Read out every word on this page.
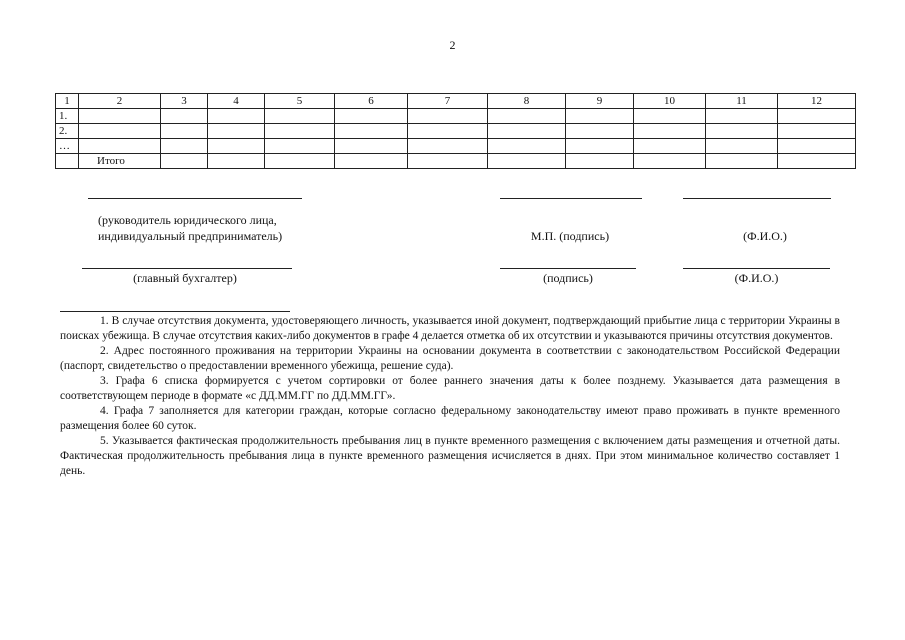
2
1	2	3	4	5	6	7	8	9	10	11	12
1.											
2.											
…											
	Итого										
(руководитель юридического лица,
индивидуальный предприниматель)	М.П. (подпись)	(Ф.И.О.)
(главный бухгалтер)	(подпись)	(Ф.И.О.)

1. В случае отсутствия документа, удостоверяющего личность, указывается иной документ, подтверждающий прибытие лица с территории Украины в поисках убежища. В случае отсутствия каких-либо документов в графе 4 делается отметка об их отсутствии и указываются причины отсутствия документов.

2. Адрес постоянного проживания на территории Украины на основании документа в соответствии с законодательством Российской Федерации (паспорт, свидетельство о предоставлении временного убежища, решение суда).

3. Графа 6 списка формируется с учетом сортировки от более раннего значения даты к более позднему. Указывается дата размещения в соответствующем периоде в формате «с ДД.ММ.ГГ по ДД.ММ.ГГ».

4. Графа 7 заполняется для категории граждан, которые согласно федеральному законодательству имеют право проживать в пункте временного размещения более 60 суток.

5. Указывается фактическая продолжительность пребывания лиц в пункте временного размещения с включением даты размещения и отчетной даты. Фактическая продолжительность пребывания лица в пункте временного размещения исчисляется в днях. При этом минимальное количество составляет 1 день.
